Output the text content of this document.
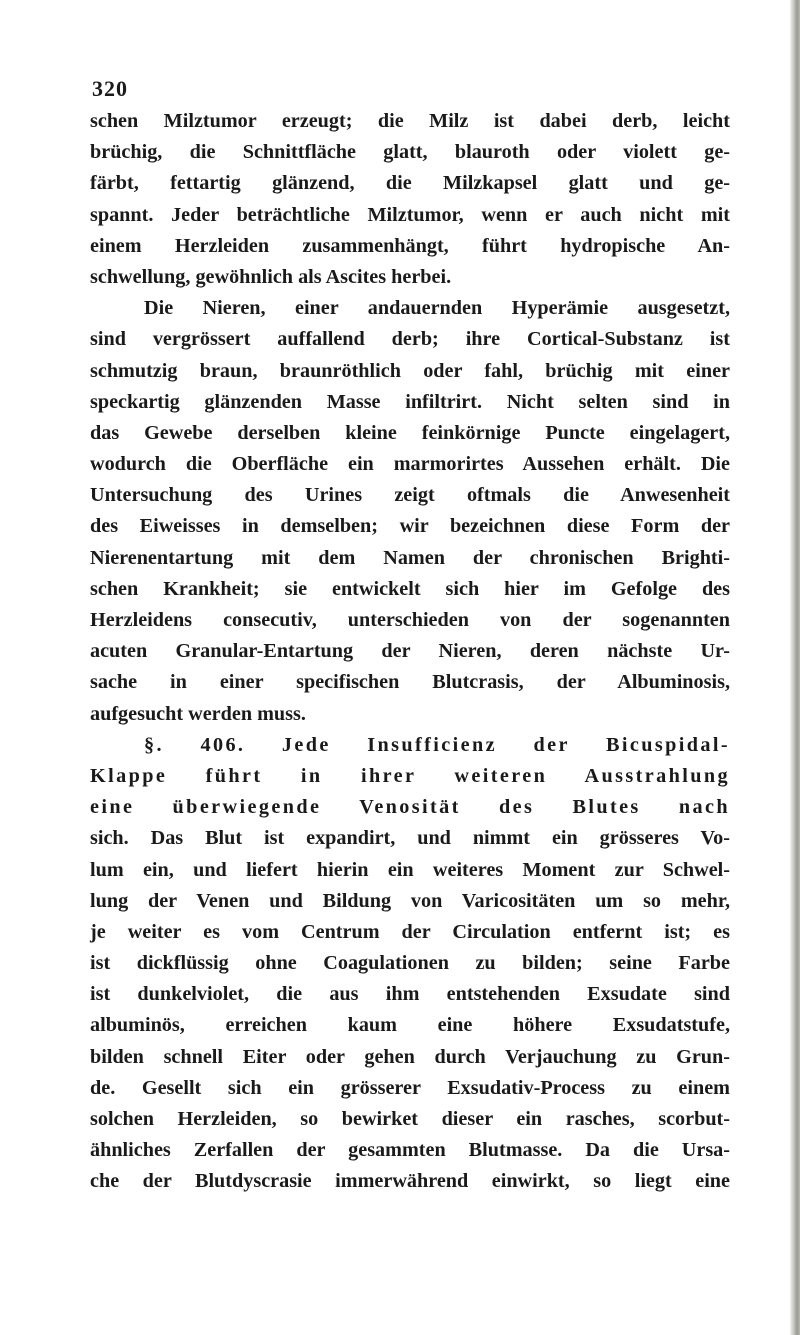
320
schen Milztumor erzeugt; die Milz ist dabei derb, leicht
brüchig, die Schnittfläche glatt, blauroth oder violett ge-
färbt, fettartig glänzend, die Milzkapsel glatt und ge-
spannt. Jeder beträchtliche Milztumor, wenn er auch nicht mit
einem Herzleiden zusammenhängt, führt hydropische An-
schwellung, gewöhnlich als Ascites herbei.
Die Nieren, einer andauernden Hyperämie ausgesetzt,
sind vergrössert auffallend derb; ihre Cortical-Substanz ist
schmutzig braun, braunröthlich oder fahl, brüchig mit einer
speckartig glänzenden Masse infiltrirt. Nicht selten sind in
das Gewebe derselben kleine feinkörnige Puncte eingelagert,
wodurch die Oberfläche ein marmorirtes Aussehen erhält. Die
Untersuchung des Urines zeigt oftmals die Anwesenheit
des Eiweisses in demselben; wir bezeichnen diese Form der
Nierenentartung mit dem Namen der chronischen Brighti-
schen Krankheit; sie entwickelt sich hier im Gefolge des
Herzleidens consecutiv, unterschieden von der sogenannten
acuten Granular-Entartung der Nieren, deren nächste Ur-
sache in einer specifischen Blutcrasis, der Albuminosis,
aufgesucht werden muss.
§. 406. Jede Insufficienz der Bicuspidal-
Klappe führt in ihrer weiteren Ausstrahlung
eine überwiegende Venosität des Blutes nach
sich. Das Blut ist expandirt, und nimmt ein grösseres Vo-
lum ein, und liefert hierin ein weiteres Moment zur Schwel-
lung der Venen und Bildung von Varicositäten um so mehr,
je weiter es vom Centrum der Circulation entfernt ist; es
ist dickflüssig ohne Coagulationen zu bilden; seine Farbe
ist dunkelviolet, die aus ihm entstehenden Exsudate sind
albuminös, erreichen kaum eine höhere Exsudatstufe,
bilden schnell Eiter oder gehen durch Verjauchung zu Grun-
de. Gesellt sich ein grösserer Exsudativ-Process zu einem
solchen Herzleiden, so bewirket dieser ein rasches, scorbut-
ähnliches Zerfallen der gesammten Blutmasse. Da die Ursa-
che der Blutdyscrasie immerwährend einwirkt, so liegt eine
